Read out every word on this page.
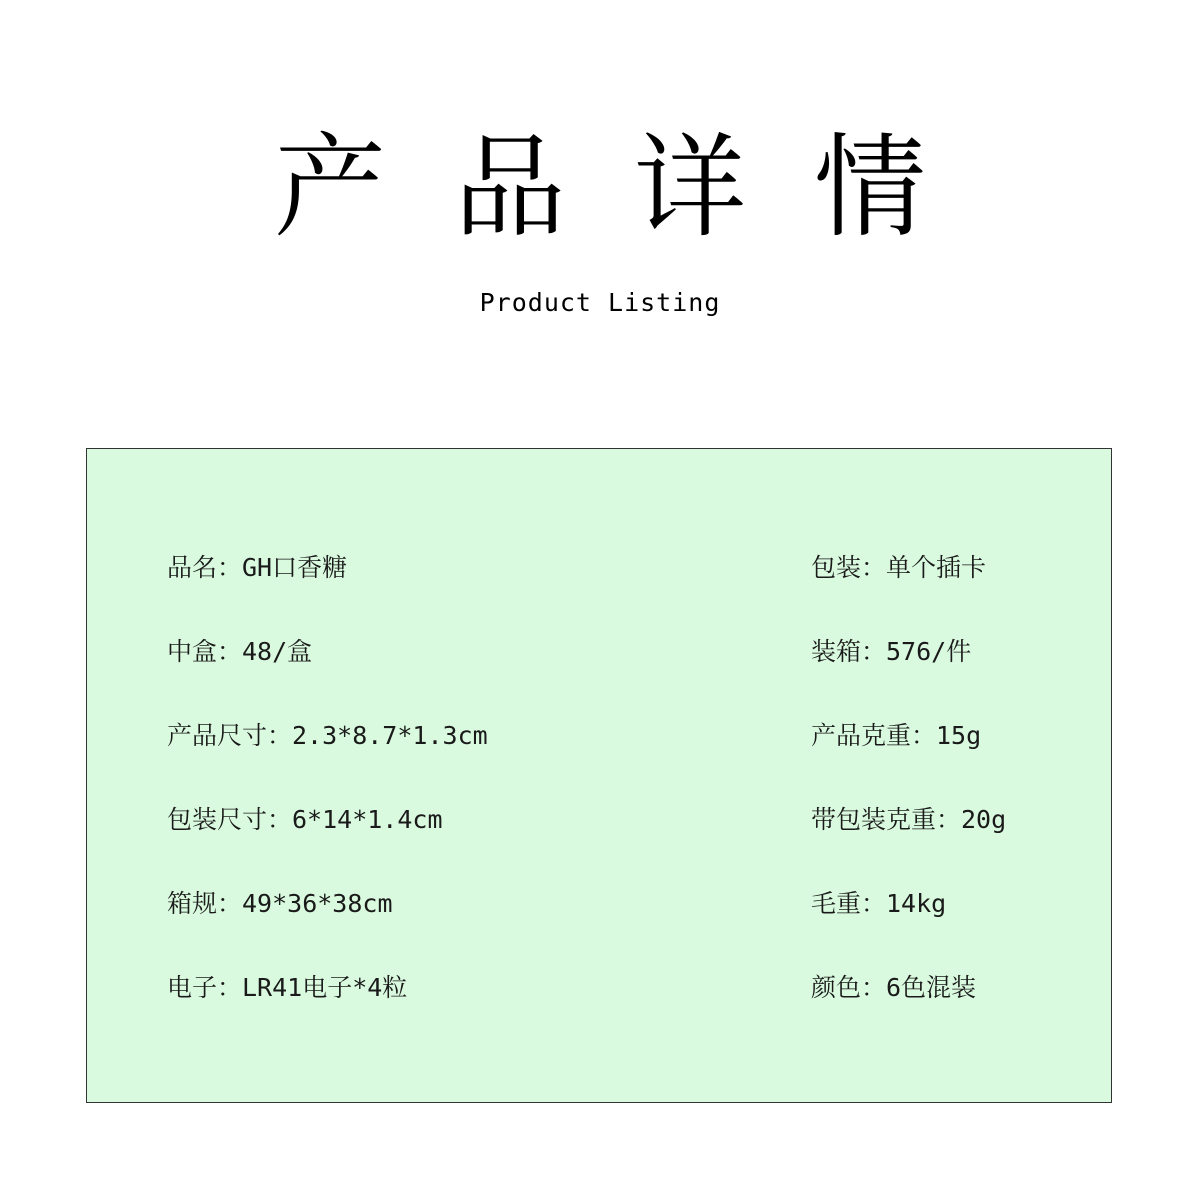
产 品 详 情
Product Listing
品名：GH口香糖	包装：单个插卡
中盒：48/盒	装箱：576/件
产品尺寸：2.3*8.7*1.3cm	产品克重：15g
包装尺寸：6*14*1.4cm	带包装克重：20g
箱规：49*36*38cm	毛重：14kg
电子：LR41电子*4粒	颜色：6色混装
